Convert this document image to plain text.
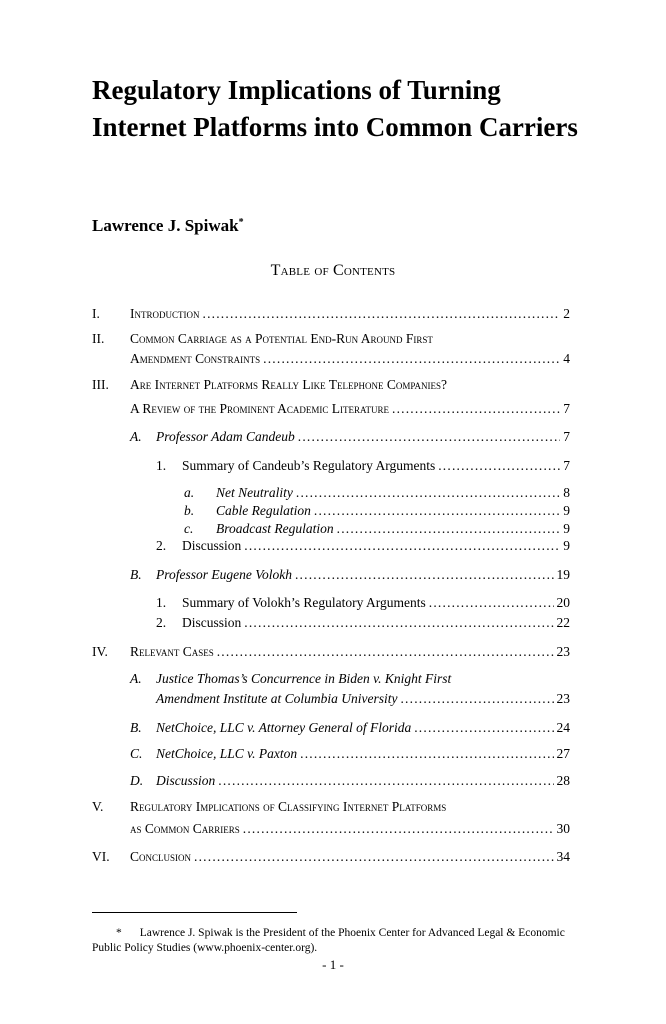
Regulatory Implications of Turning Internet Platforms into Common Carriers
Lawrence J. Spiwak*
Table of Contents
I. Introduction .....	2
II. Common Carriage as a Potential End-Run Around First
Amendment Constraints .....	4
III. Are Internet Platforms Really Like Telephone Companies?
A Review of the Prominent Academic Literature .....	7
A. Professor Adam Candeub .....	7
1. Summary of Candeub’s Regulatory Arguments .....	7
a. Net Neutrality .....	8
b. Cable Regulation .....	9
c. Broadcast Regulation .....	9
2. Discussion .....	9
B. Professor Eugene Volokh .....	19
1. Summary of Volokh’s Regulatory Arguments .....	20
2. Discussion .....	22
IV. Relevant Cases .....	23
A. Justice Thomas’s Concurrence in Biden v. Knight First
Amendment Institute at Columbia University .....	23
B. NetChoice, LLC v. Attorney General of Florida .....	24
C. NetChoice, LLC v. Paxton .....	27
D. Discussion .....	28
V. Regulatory Implications of Classifying Internet Platforms
as Common Carriers .....	30
VI. Conclusion .....	34
* Lawrence J. Spiwak is the President of the Phoenix Center for Advanced Legal & Economic Public Policy Studies (www.phoenix-center.org).
- 1 -
